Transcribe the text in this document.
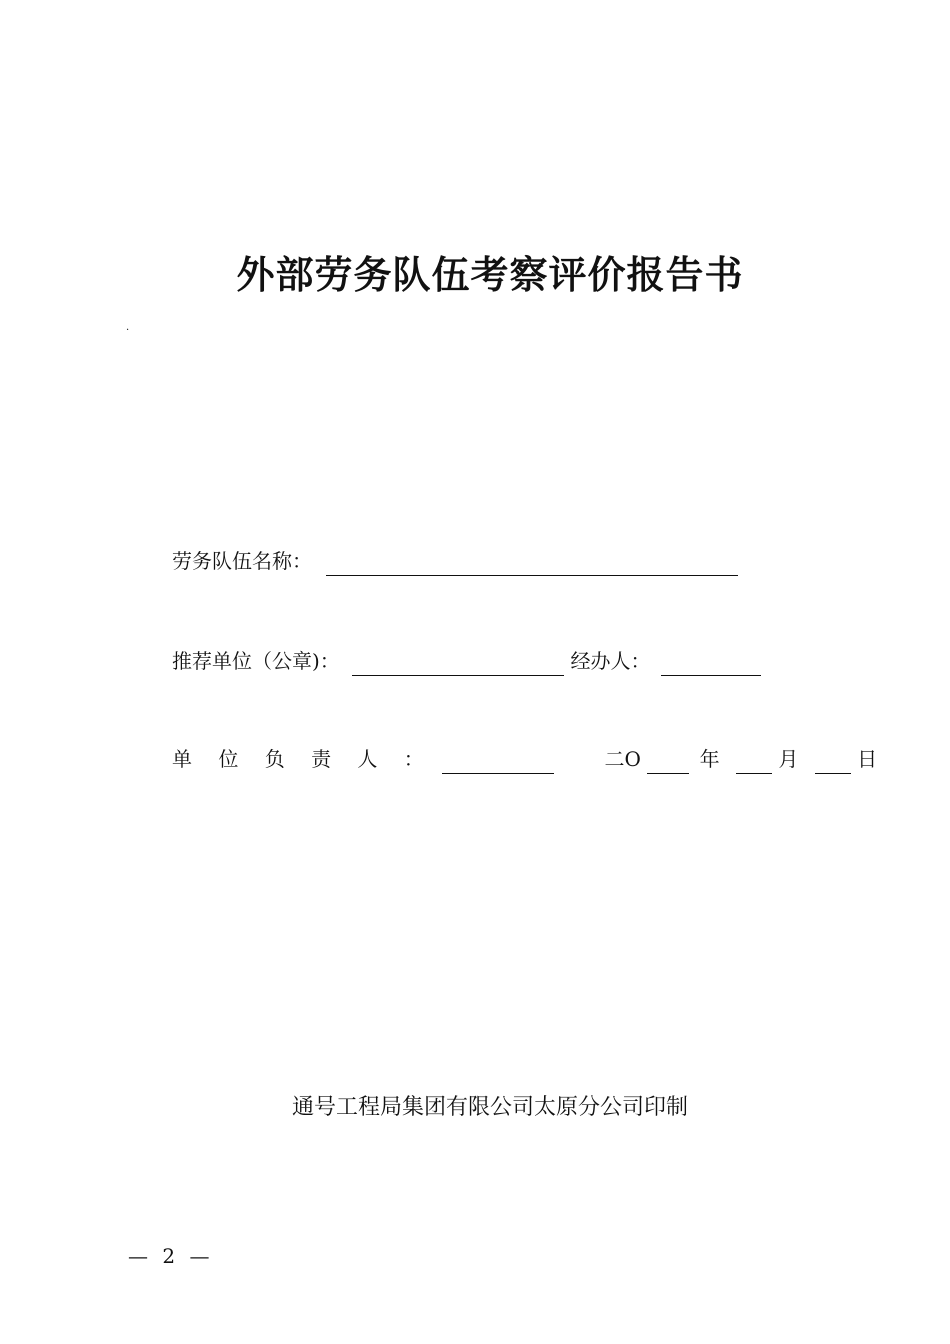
外部劳务队伍考察评价报告书
.
劳务队伍名称：
推荐单位（公章)：	经办人：
单 位 负 责 人 ：	二O	年	月	日
通号工程局集团有限公司太原分公司印制
— 2 —
